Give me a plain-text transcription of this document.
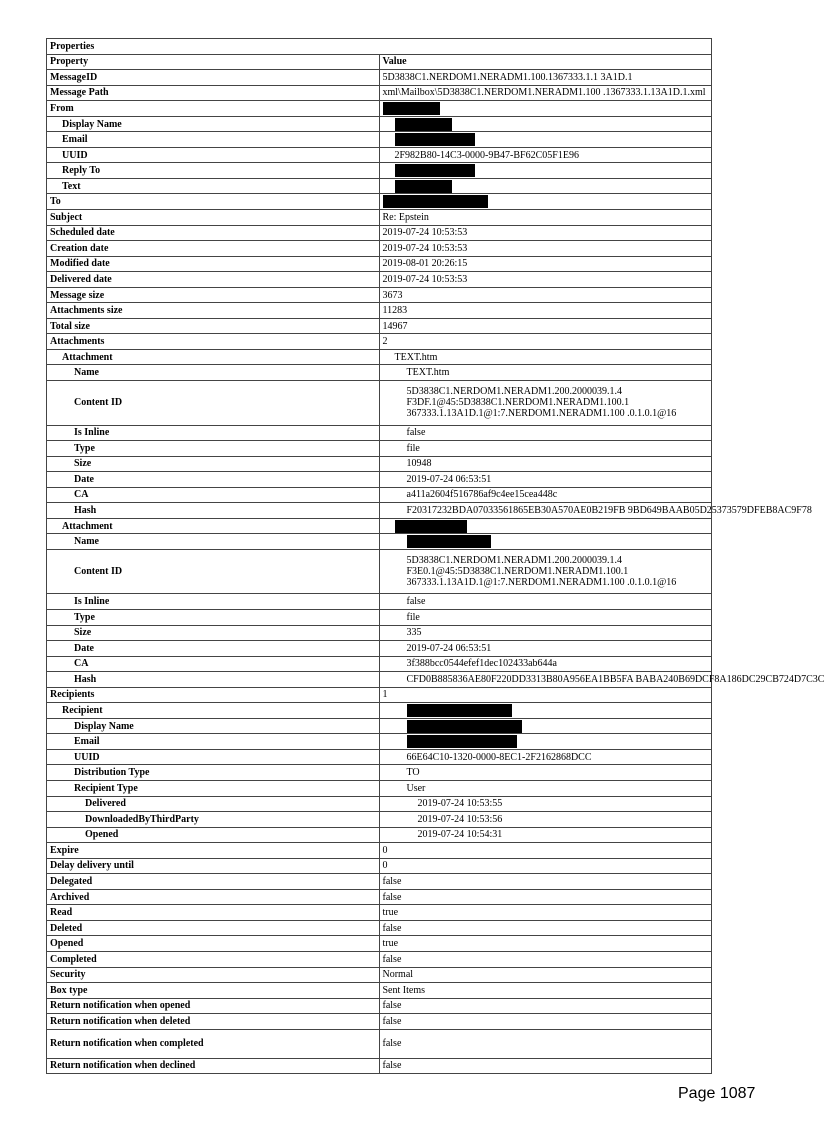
Properties	
Property	Value
MessageID	5D3838C1.NERDOM1.NERADM1.100.1367333.1.1 3A1D.1
Message Path	xml\Mailbox\5D3838C1.NERDOM1.NERADM1.100 .1367333.1.13A1D.1.xml
From	
Display Name	
Email	
UUID	2F982B80-14C3-0000-9B47-BF62C05F1E96
Reply To	
Text	
To	
Subject	Re: Epstein
Scheduled date	2019-07-24 10:53:53
Creation date	2019-07-24 10:53:53
Modified date	2019-08-01 20:26:15
Delivered date	2019-07-24 10:53:53
Message size	3673
Attachments size	11283
Total size	14967
Attachments	2
Attachment	TEXT.htm
Name	TEXT.htm
Content ID	5D3838C1.NERDOM1.NERADM1.200.2000039.1.4
F3DF.1@45:5D3838C1.NERDOM1.NERADM1.100.1
367333.1.13A1D.1@1:7.NERDOM1.NERADM1.100 .0.1.0.1@16

Is Inline	false
Type	file
Size	10948
Date	2019-07-24 06:53:51
CA	a411a2604f516786af9c4ee15cea448c
Hash	F20317232BDA07033561865EB30A570AE0B219FB 9BD649BAAB05D25373579DFEB8AC9F78
Attachment	
Name	
Content ID	5D3838C1.NERDOM1.NERADM1.200.2000039.1.4
F3E0.1@45:5D3838C1.NERDOM1.NERADM1.100.1
367333.1.13A1D.1@1:7.NERDOM1.NERADM1.100 .0.1.0.1@16

Is Inline	false
Type	file
Size	335
Date	2019-07-24 06:53:51
CA	3f388bcc0544efef1dec102433ab644a
Hash	CFD0B885836AE80F220DD3313B80A956EA1BB5FA BABA240B69DCF8A186DC29CB724D7C3C
Recipients	1
Recipient	
Display Name	
Email	
UUID	66E64C10-1320-0000-8EC1-2F2162868DCC
Distribution Type	TO
Recipient Type	User
Delivered	2019-07-24 10:53:55
DownloadedByThirdParty	2019-07-24 10:53:56
Opened	2019-07-24 10:54:31
Expire	0
Delay delivery until	0
Delegated	false
Archived	false
Read	true
Deleted	false
Opened	true
Completed	false
Security	Normal
Box type	Sent Items
Return notification when opened	false
Return notification when deleted	false
Return notification when completed	false
Return notification when declined	false
Page 1087
